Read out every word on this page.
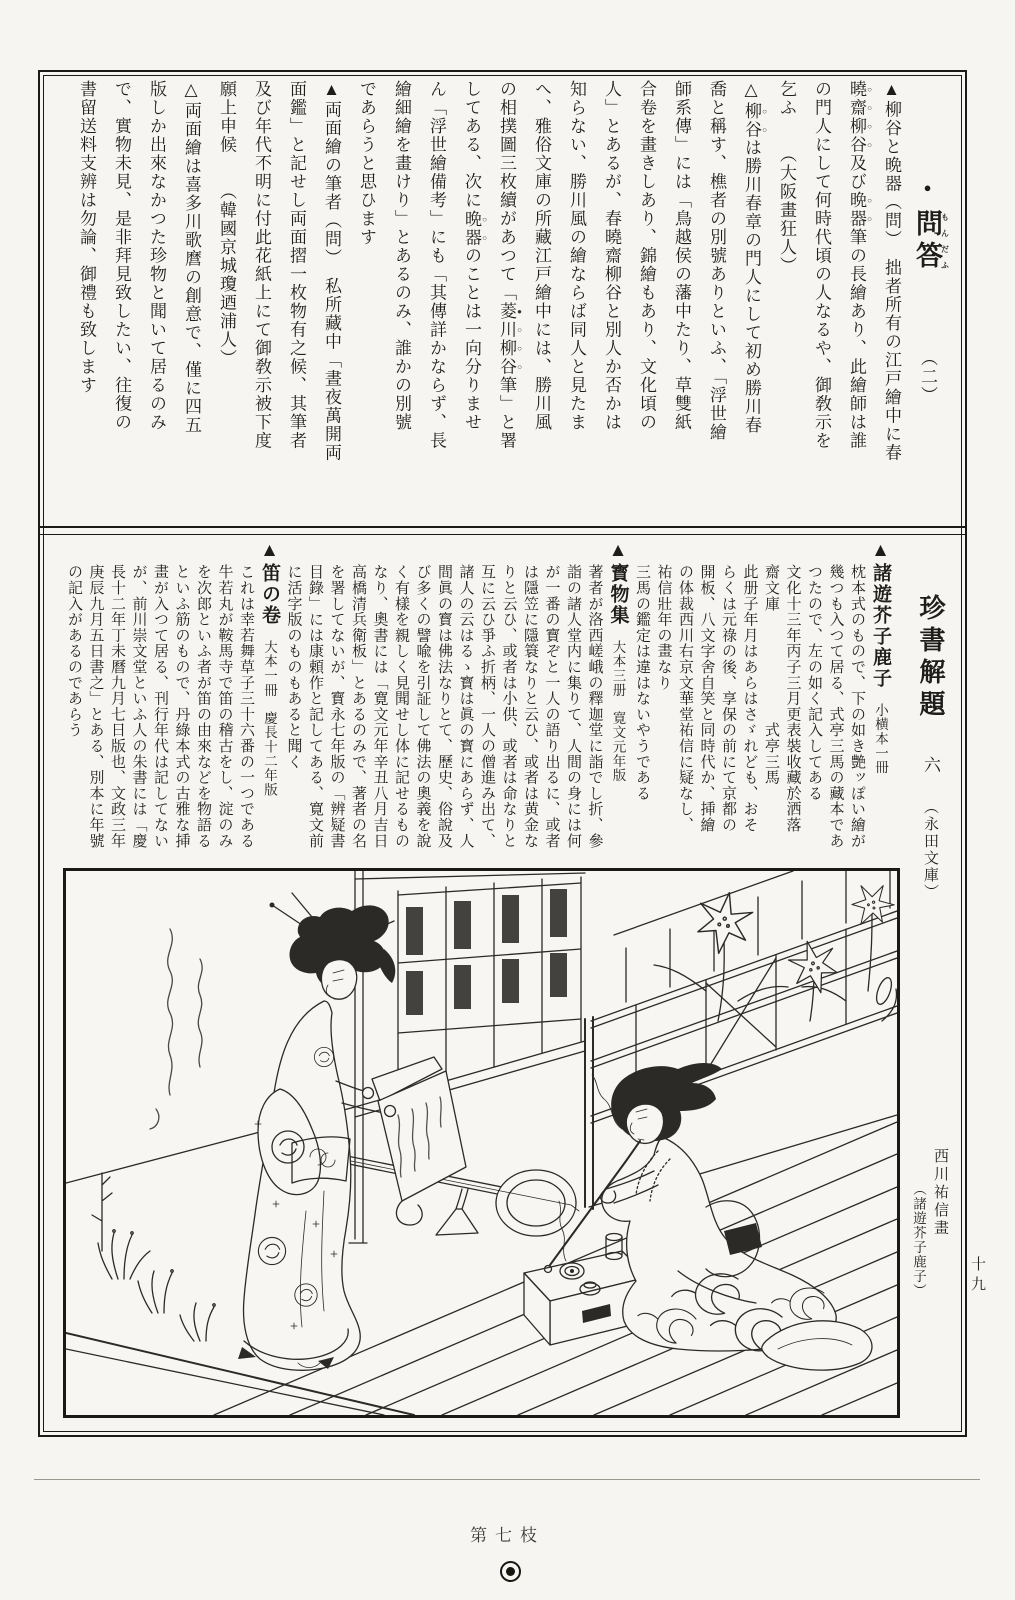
●問答もんだふ（二）
▲柳谷と晩器（問）　拙者所有の江戸繪中に春
曉齋柳谷 ○○○○及び晩器 ○○筆の長繪あり、此繪師は誰
の門人にして何時代頃の人なるや、御敎示を
乞ふ　　（大阪畫狂人）
△柳谷 ○○は勝川春章の門人にして初め勝川春
喬と稱す、樵者の別號ありといふ、「浮世繪
師系傳」には「鳥越侯の藩中たり、草雙紙
合卷を畫きしあり、錦繪もあり、文化頃の
人」とあるが、春曉齋柳谷と別人か否かは
知らない、勝川風の繪ならば同人と見たま
へ、雅俗文庫の所藏江戸繪中には、勝川風
の相撲圖三枚續があつて「菱川柳谷 ●○○○筆」と署
してある、次に晩器 ○○のことは一向分りませ
ん「浮世繪備考」にも「其傳詳かならず、長
繪細繪を畫けり」とあるのみ、誰かの別號
であらうと思ひます
▲両面繪の筆者（問）　私所藏中「晝夜萬開両
面鑑」と記せし両面摺一枚物有之候、其筆者
及び年代不明に付此花紙上にて御敎示被下度
願上申候　　（韓國京城瓊迺浦人）
△両面繪は喜多川歌麿の創意で、僅に四五
版しか出來なかつた珍物と聞いて居るのみ
で、實物未見、是非拜見致したい、往復の
書留送料支辨は勿論、御禮も致します
珍書解題六（永田文庫）
▲諸遊芥子鹿子小横本一冊
枕本式のもので、下の如き艶ッぽい繪が
幾つも入つて居る、式亭三馬の藏本であ
つたので、左の如く記入してある
文化十三年丙子三月更表裝收藏於洒落
齋文庫　　　　　　　式亭三馬
此册子年月はあらはさゞれども、おそ
らくは元祿の後、享保の前にて京都の
開板、八文字舍自笑と同時代か、挿繪
の体裁西川右京文華堂祐信に疑なし、
祐信壯年の畫なり
三馬の鑑定は違はないやうである
▲寳物集大本三册寛文元年版
著者が洛西嵯峨の釋迦堂に詣でし折、參
詣の諸人堂内に集りて、人間の身には何
が一番の寳ぞと一人の語り出るに、或者
は隱笠に隱簑なりと云ひ、或者は黄金な
りと云ひ、或者は小供、或者は命なりと
互に云ひ爭ふ折柄、一人の僧進み出て、
諸人の云はるゝ寳は眞の寳にあらず、人
間眞の寳は佛法なりとて、歷史、俗說及
び多くの譬喩を引証して佛法の奧義を說
く有樣を親しく見聞せし体に記せるもの
なり、奧書には「寛文元年辛丑八月吉日
高橋清兵衛板」とあるのみで、著者の名
を署してないが、寳永七年版の「辨疑書
目錄」には康頼作と記してある、寛文前
に活字版のものもあると聞く
▲笛の卷大本一冊慶長十二年版
これは幸若舞草子三十六番の一つである
牛若丸が鞍馬寺で笛の稽古をし、淀のみ
を次郎といふ者が笛の由來などを物語る
といふ筋のもので、丹綠本式の古雅な挿
畫が入つて居る、刊行年代は記してない
が、前川崇文堂といふ人の朱書には「慶
長十二年丁未曆九月七日版也、文政三年
庚辰九月五日書之」とある、別本に年號
の記入があるのであらう
西川祐信畫
（諸遊芥子鹿子）	十九
第七枝
